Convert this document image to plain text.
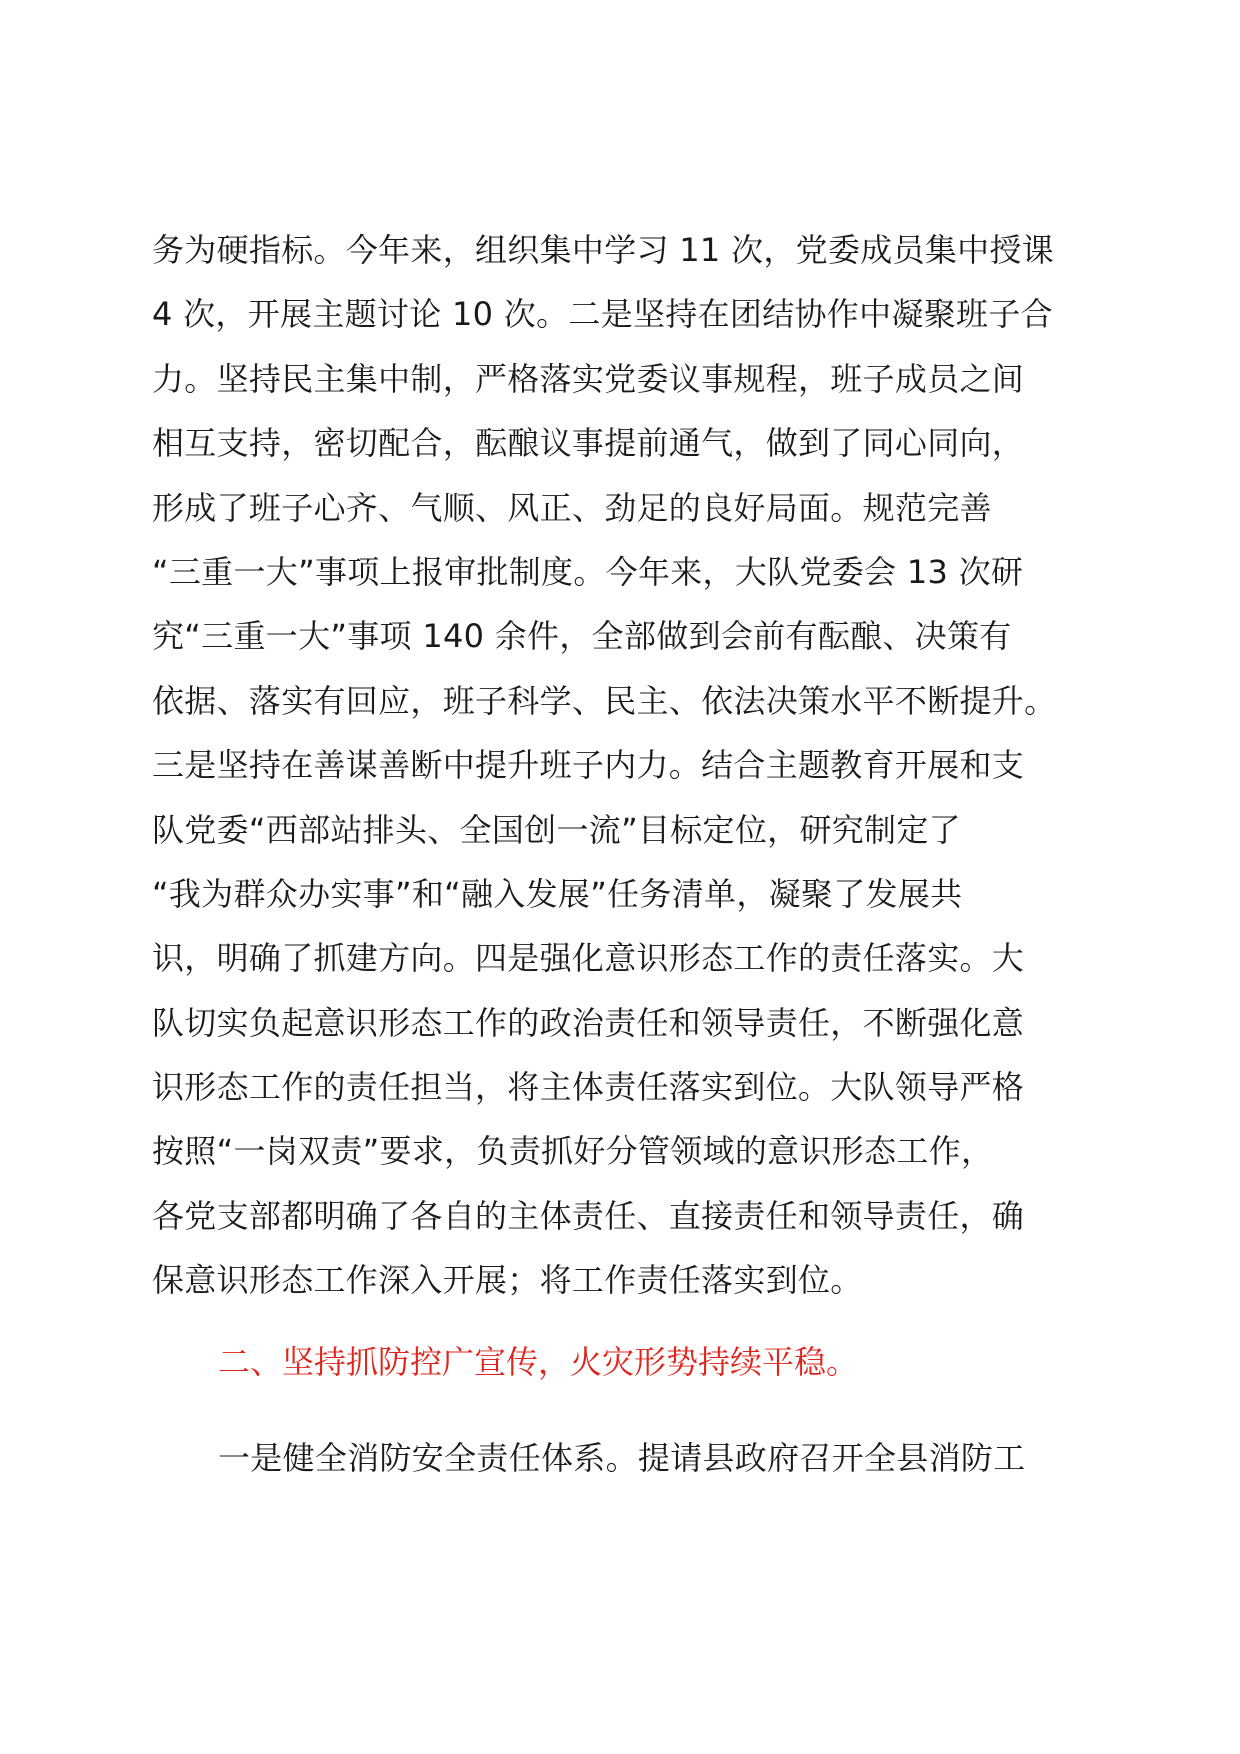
务为硬指标。今年来，组织集中学习 11 次，党委成员集中授课
4 次，开展主题讨论 10 次。二是坚持在团结协作中凝聚班子合
力。坚持民主集中制，严格落实党委议事规程，班子成员之间
相互支持，密切配合，酝酿议事提前通气，做到了同心同向，
形成了班子心齐、气顺、风正、劲足的良好局面。规范完善
“三重一大”事项上报审批制度。今年来，大队党委会 13 次研
究“三重一大”事项 140 余件，全部做到会前有酝酿、决策有
依据、落实有回应，班子科学、民主、依法决策水平不断提升。
三是坚持在善谋善断中提升班子内力。结合主题教育开展和支
队党委“西部站排头、全国创一流”目标定位，研究制定了
“我为群众办实事”和“融入发展”任务清单，凝聚了发展共
识，明确了抓建方向。四是强化意识形态工作的责任落实。大
队切实负起意识形态工作的政治责任和领导责任，不断强化意
识形态工作的责任担当，将主体责任落实到位。大队领导严格
按照“一岗双责”要求，负责抓好分管领域的意识形态工作，
各党支部都明确了各自的主体责任、直接责任和领导责任，确
保意识形态工作深入开展；将工作责任落实到位。
二、坚持抓防控广宣传，火灾形势持续平稳。
一是健全消防安全责任体系。提请县政府召开全县消防工
